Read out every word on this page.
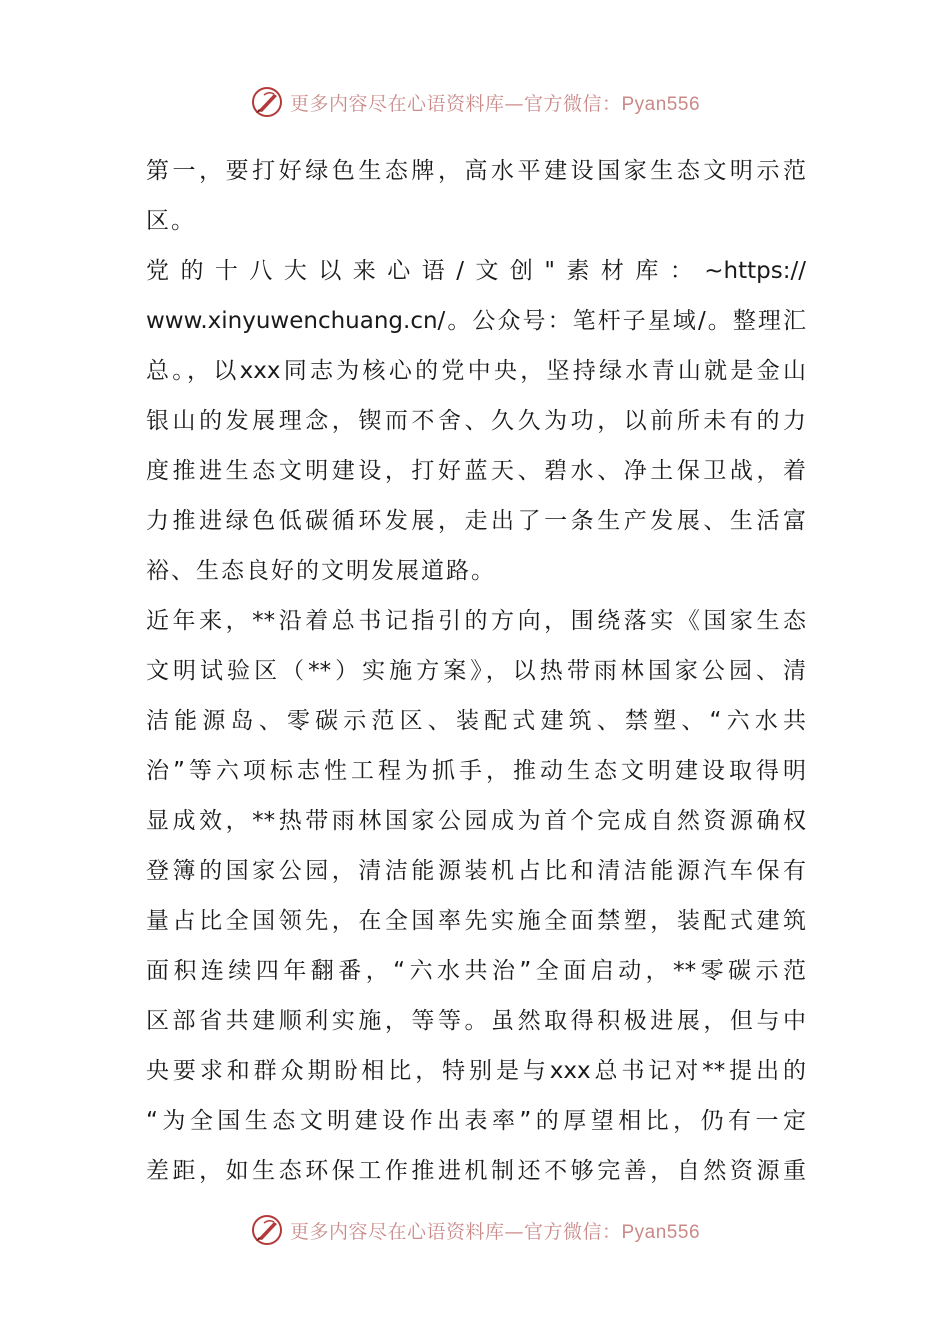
更多内容尽在心语资料库—官方微信：Pyan556
第一，要打好绿色生态牌，高水平建设国家生态文明示范
区。
党的十八大以来心语/文创"素材库：~https://
www.xinyuwenchuang.cn/。公众号：笔杆子星域/。整理汇
总。，以xxx同志为核心的党中央，坚持绿水青山就是金山
银山的发展理念，锲而不舍、久久为功，以前所未有的力
度推进生态文明建设，打好蓝天、碧水、净土保卫战，着
力推进绿色低碳循环发展，走出了一条生产发展、生活富
裕、生态良好的文明发展道路。
近年来，**沿着总书记指引的方向，围绕落实《国家生态
文明试验区（**）实施方案》，以热带雨林国家公园、清
洁能源岛、零碳示范区、装配式建筑、禁塑、“六水共
治”等六项标志性工程为抓手，推动生态文明建设取得明
显成效，**热带雨林国家公园成为首个完成自然资源确权
登簿的国家公园，清洁能源装机占比和清洁能源汽车保有
量占比全国领先，在全国率先实施全面禁塑，装配式建筑
面积连续四年翻番，“六水共治”全面启动，**零碳示范
区部省共建顺利实施，等等。虽然取得积极进展，但与中
央要求和群众期盼相比，特别是与xxx总书记对**提出的
“为全国生态文明建设作出表率”的厚望相比，仍有一定
差距，如生态环保工作推进机制还不够完善，自然资源重
更多内容尽在心语资料库—官方微信：Pyan556
